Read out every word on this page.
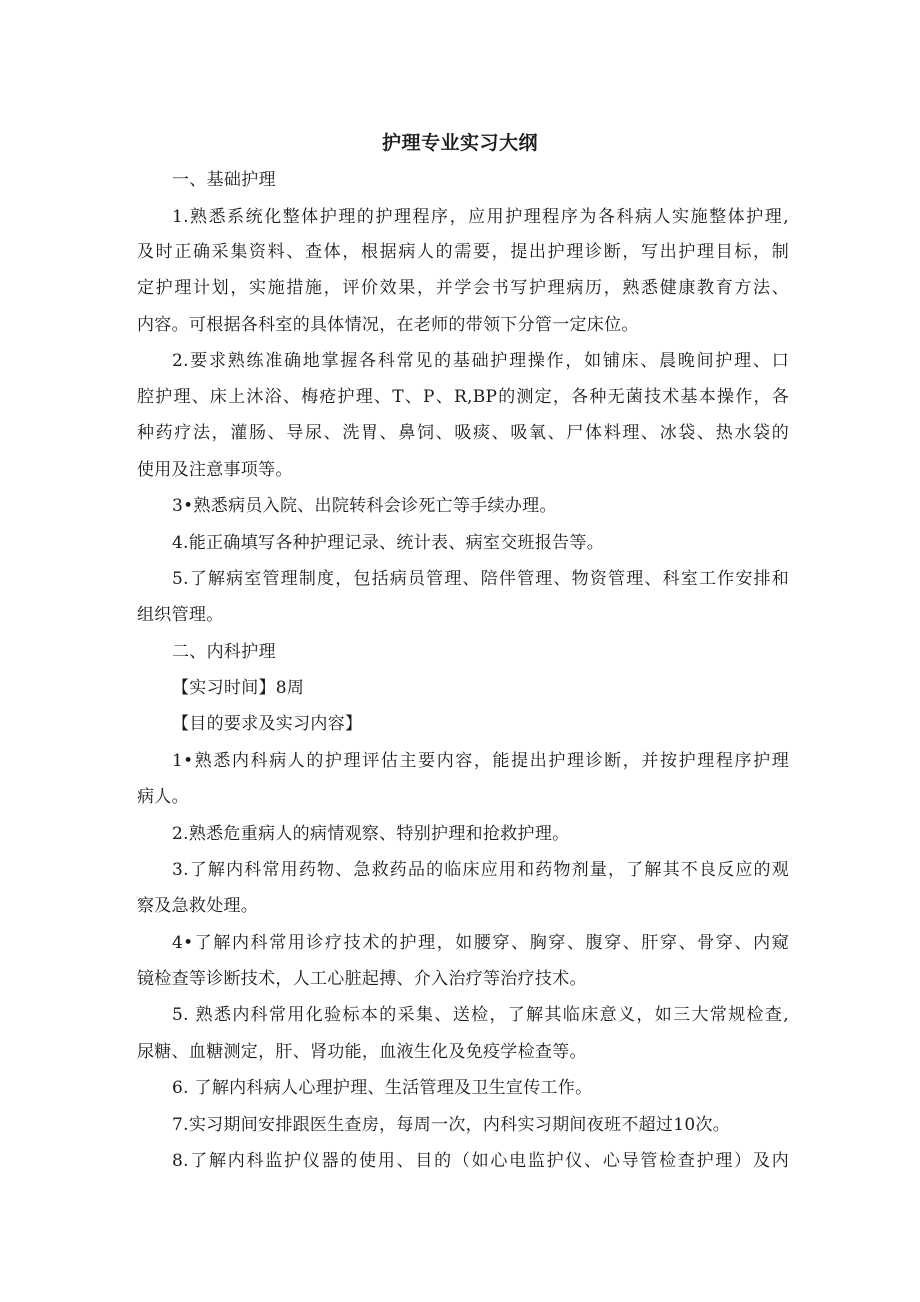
护理专业实习大纲
一、基础护理
1.熟悉系统化整体护理的护理程序，应用护理程序为各科病人实施整体护理,
及时正确采集资料、查体，根据病人的需要，提出护理诊断，写出护理目标，制
定护理计划，实施措施，评价效果，并学会书写护理病历，熟悉健康教育方法、
内容。可根据各科室的具体情况，在老师的带领下分管一定床位。
2.要求熟练准确地掌握各科常见的基础护理操作，如铺床、晨晚间护理、口
腔护理、床上沐浴、梅疮护理、T、P、R,BP的测定，各种无菌技术基本操作，各
种药疗法，灌肠、导尿、洗胃、鼻饲、吸痰、吸氧、尸体料理、冰袋、热水袋的
使用及注意事项等。
3•熟悉病员入院、出院转科会诊死亡等手续办理。
4.能正确填写各种护理记录、统计表、病室交班报告等。
5.了解病室管理制度，包括病员管理、陪伴管理、物资管理、科室工作安排和
组织管理。
二、内科护理
【实习时间】8周
【目的要求及实习内容】
1•熟悉内科病人的护理评估主要内容，能提出护理诊断，并按护理程序护理
病人。
2.熟悉危重病人的病情观察、特别护理和抢救护理。
3.了解内科常用药物、急救药品的临床应用和药物剂量，了解其不良反应的观
察及急救处理。
4•了解内科常用诊疗技术的护理，如腰穿、胸穿、腹穿、肝穿、骨穿、内窥
镜检查等诊断技术，人工心脏起搏、介入治疗等治疗技术。
5. 熟悉内科常用化验标本的采集、送检，了解其临床意义，如三大常规检查,
尿糖、血糖测定，肝、肾功能，血液生化及免疫学检查等。
6. 了解内科病人心理护理、生活管理及卫生宣传工作。
7.实习期间安排跟医生查房，每周一次，内科实习期间夜班不超过10次。
8.了解内科监护仪器的使用、目的（如心电监护仪、心导管检查护理）及内
